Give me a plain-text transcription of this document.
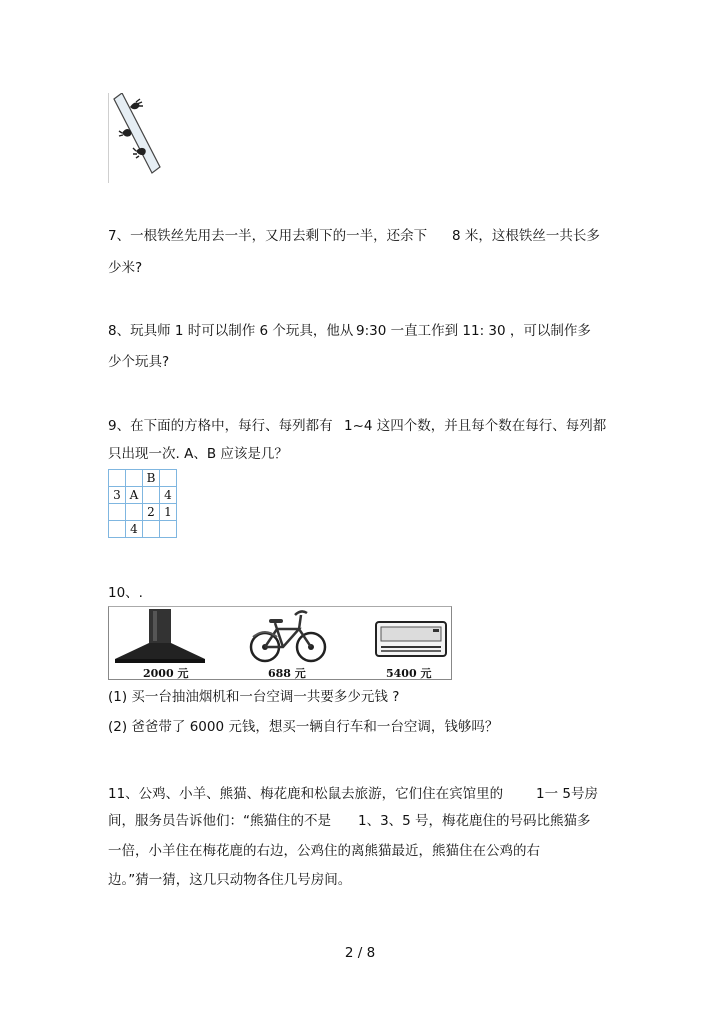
7、一根铁丝先用去一半，又用去剩下的一半，还余下 8 米，这根铁丝一共长多
少米?
8、玩具师 1 时可以制作 6 个玩具，他从 9:30 一直工作到 11: 30 ，可以制作多
少个玩具?
9、在下面的方格中，每行、每列都有 1~4 这四个数，并且每个数在每行、每列都
只出现一次. A、B 应该是几？
		B	
3	A		4
		2	1
	4		
10、.
2000 元	688 元	5400 元
(1) 买一台抽油烟机和一台空调一共要多少元钱 ?
(2) 爸爸带了 6000 元钱，想买一辆自行车和一台空调，钱够吗？
11、公鸡、小羊、熊猫、梅花鹿和松鼠去旅游，它们住在宾馆里的 1一 5号房
间，服务员告诉他们：“熊猫住的不是 1、3、5 号，梅花鹿住的号码比熊猫多
一倍，小羊住在梅花鹿的右边，公鸡住的离熊猫最近，熊猫住在公鸡的右
边。”猜一猜，这几只动物各住几号房间。
2 / 8
